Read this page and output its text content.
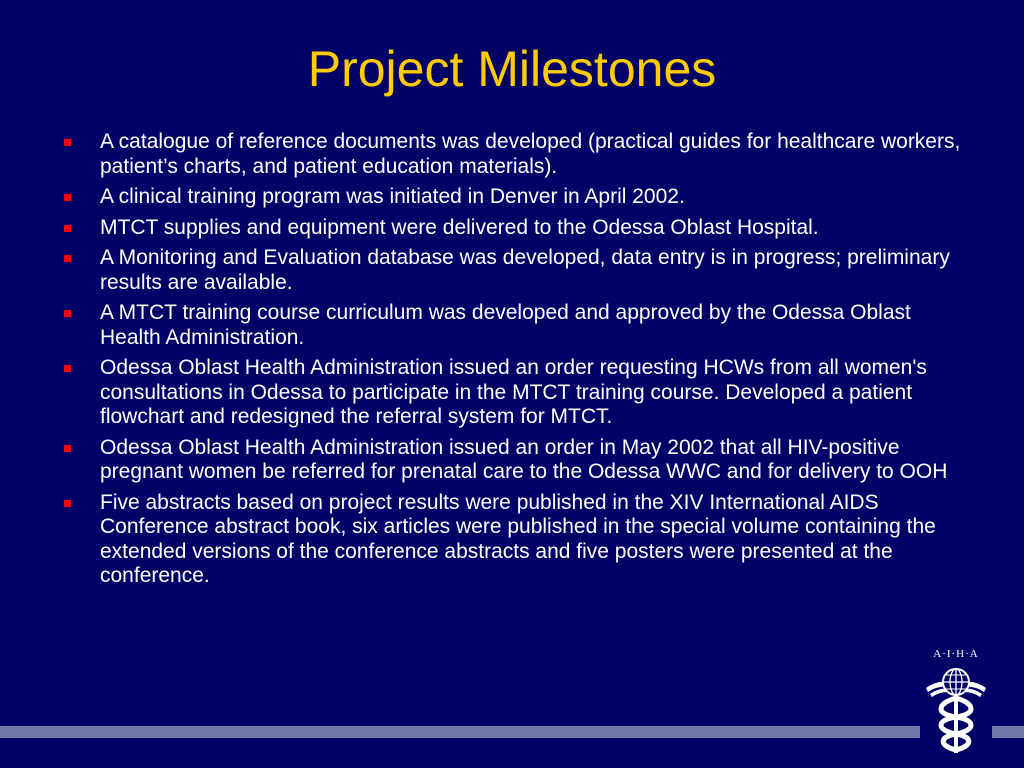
Project Milestones
A catalogue of reference documents was developed (practical guides for healthcare workers, patient’s charts, and patient education materials).
A clinical training program was initiated in Denver in April 2002.
MTCT supplies and equipment were delivered to the Odessa Oblast Hospital.
A Monitoring and Evaluation database was developed, data entry is in progress; preliminary results are available.
A MTCT training course curriculum was developed and approved by the Odessa Oblast Health Administration.
Odessa Oblast Health Administration issued an order requesting HCWs from all women's consultations in Odessa to participate in the MTCT training course. Developed a patient flowchart and redesigned the referral system for MTCT.
Odessa Oblast Health Administration issued an order in May 2002 that all HIV-positive pregnant women be referred for prenatal care to the Odessa WWC and for delivery to OOH
Five abstracts based on project results were published in the XIV International AIDS Conference abstract book, six articles were published in the special volume containing the extended versions of the conference abstracts and five posters were presented at the conference.
A·I·H·A
